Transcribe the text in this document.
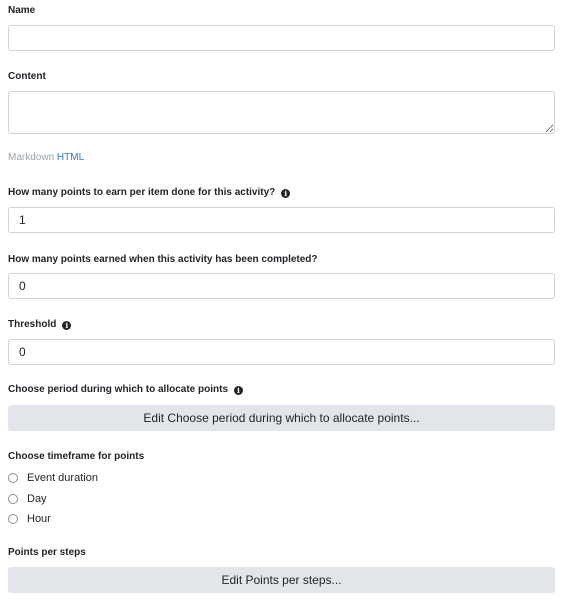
Name
Content
Markdown HTML
How many points to earn per item done for this activity?	i
1
How many points earned when this activity has been completed?
0
Threshold	i
0
Choose period during which to allocate points	i
Edit Choose period during which to allocate points...
Choose timeframe for points
Event duration
Day
Hour
Points per steps
Edit Points per steps...
